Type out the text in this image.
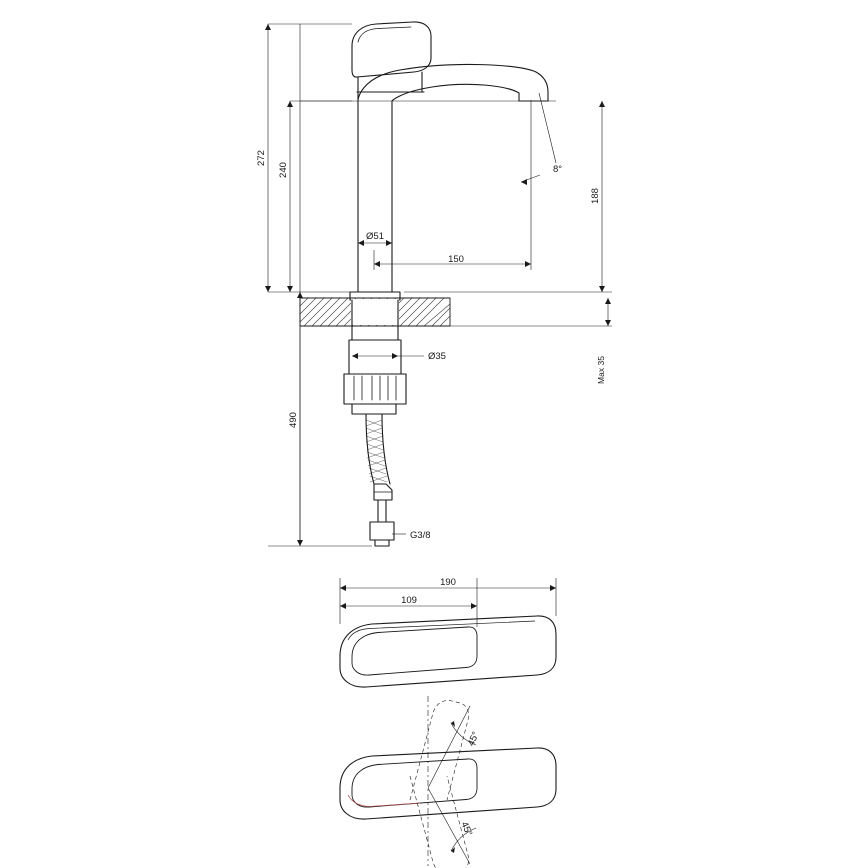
272
240
188
Max 35
490
150
Ø51
Ø35
G3/8
8°
190
109
45°
45°
